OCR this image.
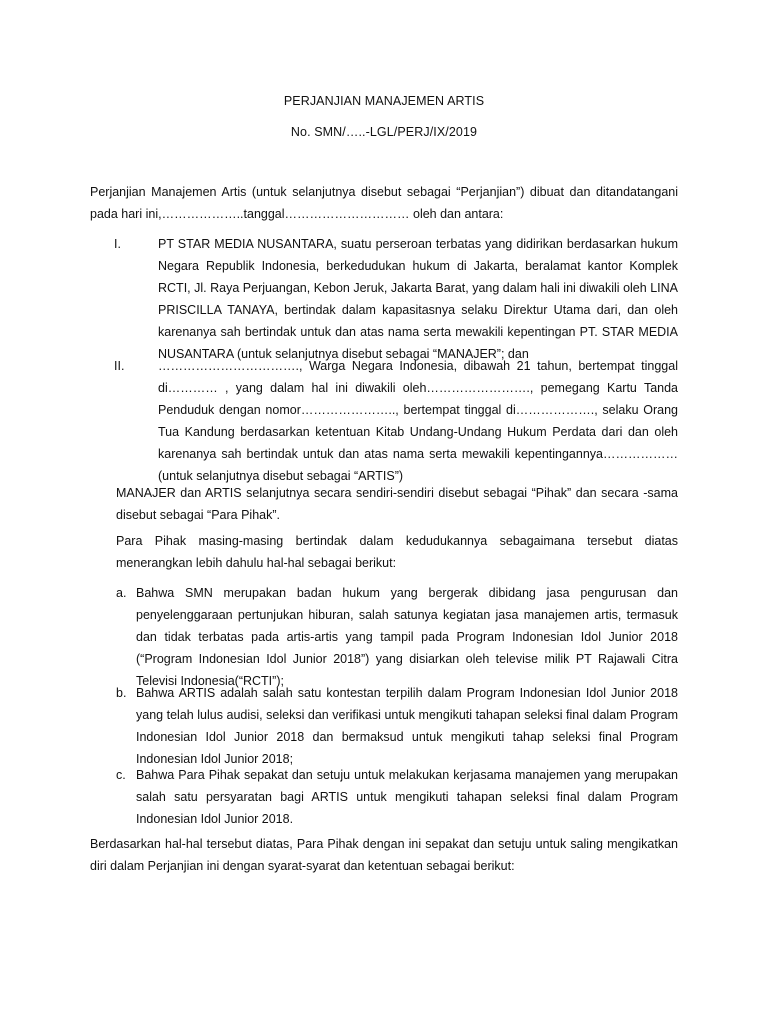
PERJANJIAN MANAJEMEN ARTIS
No. SMN/…..-LGL/PERJ/IX/2019
Perjanjian Manajemen Artis (untuk selanjutnya disebut sebagai “Perjanjian”) dibuat dan ditandatangani pada hari ini,………………..tanggal………………………… oleh dan antara:
I.	PT STAR MEDIA NUSANTARA, suatu perseroan terbatas yang didirikan berdasarkan hukum Negara Republik Indonesia, berkedudukan hukum di Jakarta, beralamat kantor Komplek RCTI, Jl. Raya Perjuangan, Kebon Jeruk, Jakarta Barat, yang dalam hali ini diwakili oleh LINA PRISCILLA TANAYA, bertindak dalam kapasitasnya selaku Direktur Utama dari, dan oleh karenanya sah bertindak untuk dan atas nama serta mewakili kepentingan PT. STAR MEDIA NUSANTARA (untuk selanjutnya disebut sebagai “MANAJER”; dan
II.	……………………………., Warga Negara Indonesia, dibawah 21 tahun, bertempat tinggal di………… , yang dalam hal ini diwakili oleh……………………., pemegang Kartu Tanda Penduduk dengan nomor………………….., bertempat tinggal di………………., selaku Orang Tua Kandung berdasarkan ketentuan Kitab Undang-Undang Hukum Perdata dari dan oleh karenanya sah bertindak untuk dan atas nama serta mewakili kepentingannya……………… (untuk selanjutnya disebut sebagai “ARTIS”)
MANAJER dan ARTIS selanjutnya secara sendiri-sendiri disebut sebagai “Pihak” dan secara -sama disebut sebagai “Para Pihak”.
Para Pihak masing-masing bertindak dalam kedudukannya sebagaimana tersebut diatas menerangkan lebih dahulu hal-hal sebagai berikut:
a. Bahwa SMN merupakan badan hukum yang bergerak dibidang jasa pengurusan dan penyelenggaraan pertunjukan hiburan, salah satunya kegiatan jasa manajemen artis, termasuk dan tidak terbatas pada artis-artis yang tampil pada Program Indonesian Idol Junior 2018 (“Program Indonesian Idol Junior 2018”) yang disiarkan oleh televise milik PT Rajawali Citra Televisi Indonesia(“RCTI”);
b. Bahwa ARTIS adalah salah satu kontestan terpilih dalam Program Indonesian Idol Junior 2018 yang telah lulus audisi, seleksi dan verifikasi untuk mengikuti tahapan seleksi final dalam Program Indonesian Idol Junior 2018 dan bermaksud untuk mengikuti tahap seleksi final Program Indonesian Idol Junior 2018;
c. Bahwa Para Pihak sepakat dan setuju untuk melakukan kerjasama manajemen yang merupakan salah satu persyaratan bagi ARTIS untuk mengikuti tahapan seleksi final dalam Program Indonesian Idol Junior 2018.
Berdasarkan hal-hal tersebut diatas, Para Pihak dengan ini sepakat dan setuju untuk saling mengikatkan diri dalam Perjanjian ini dengan syarat-syarat dan ketentuan sebagai berikut:
